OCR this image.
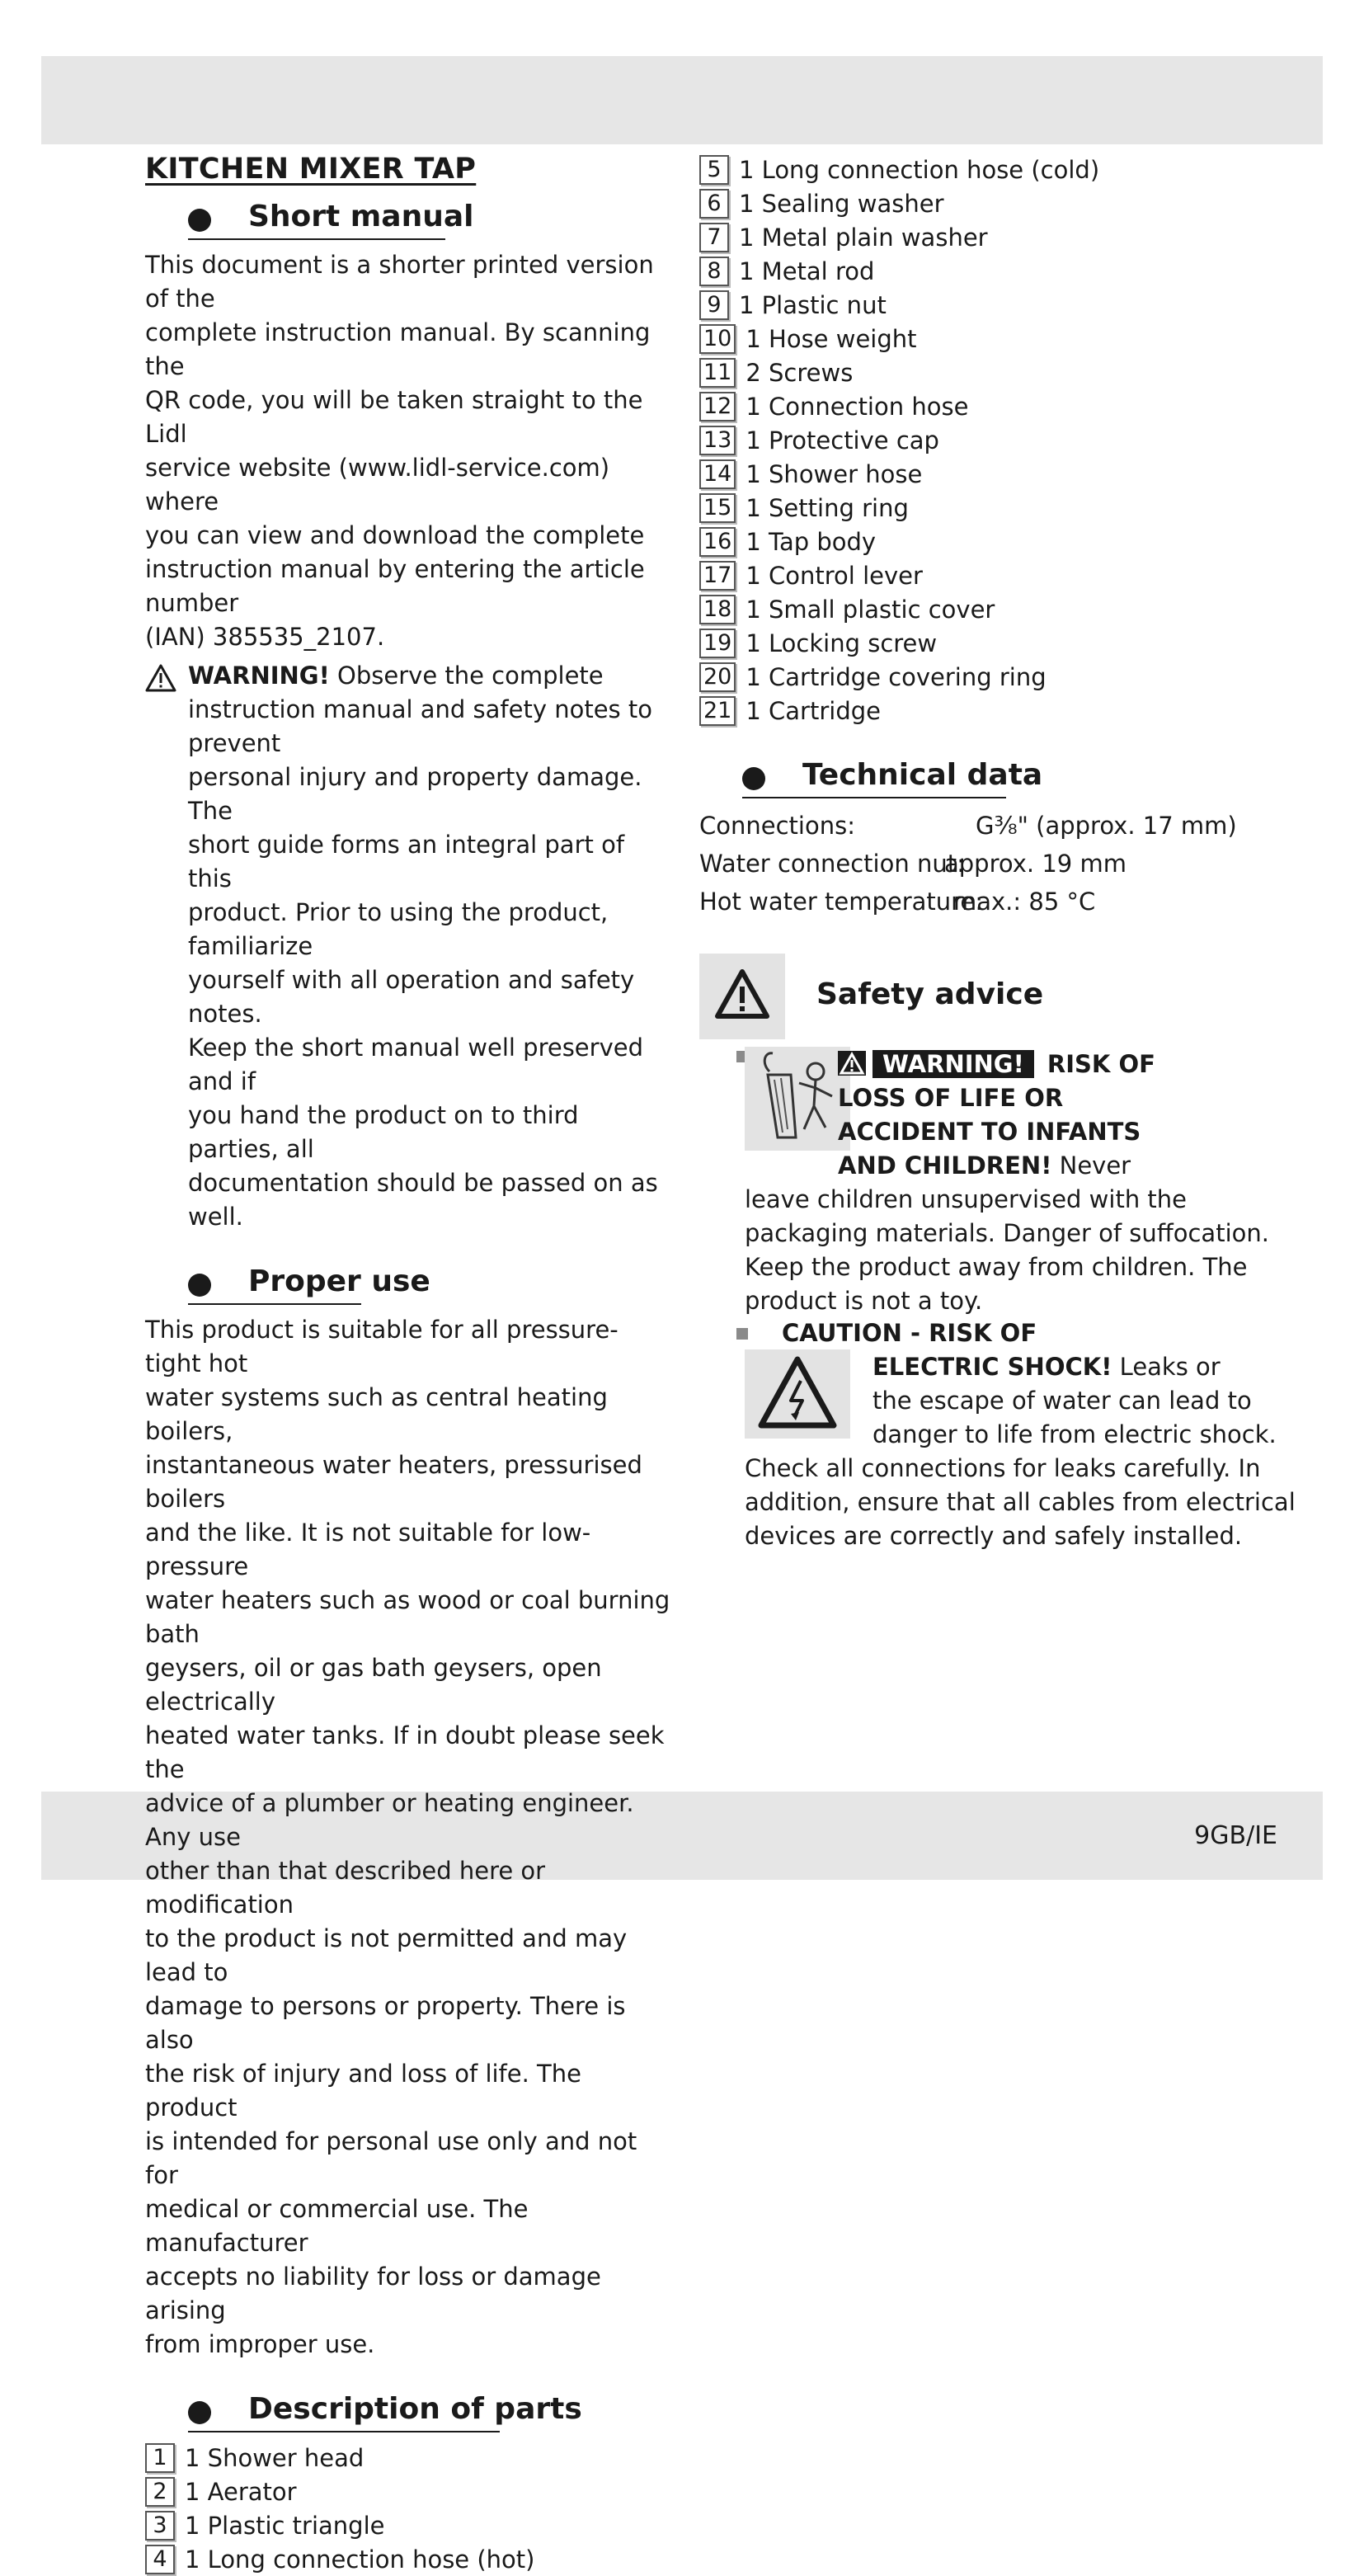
9GB/IE
KITCHEN MIXER TAP
Short manual

This document is a shorter printed version of the
complete instruction manual. By scanning the
QR code, you will be taken straight to the Lidl
service website (www.lidl-service.com) where
you can view and download the complete
instruction manual by entering the article number
(IAN) 385535_2107.

WARNING! Observe the complete
instruction manual and safety notes to prevent
personal injury and property damage. The
short guide forms an integral part of this
product. Prior to using the product, familiarize
yourself with all operation and safety notes.
Keep the short manual well preserved and if
you hand the product on to third parties, all
documentation should be passed on as well.
Proper use

This product is suitable for all pressure-tight hot
water systems such as central heating boilers,
instantaneous water heaters, pressurised boilers
and the like. It is not suitable for low-pressure
water heaters such as wood or coal burning bath
geysers, oil or gas bath geysers, open electrically
heated water tanks. If in doubt please seek the
advice of a plumber or heating engineer. Any use
other than that described here or modification
to the product is not permitted and may lead to
damage to persons or property. There is also
the risk of injury and loss of life. The product
is intended for personal use only and not for
medical or commercial use. The manufacturer
accepts no liability for loss or damage arising
from improper use.

Description of parts
1 1 Shower head
2 1 Aerator
3 1 Plastic triangle
4 1 Long connection hose (hot)
5 1 Long connection hose (cold)
6 1 Sealing washer
7 1 Metal plain washer
8 1 Metal rod
9 1 Plastic nut
10 1 Hose weight
11 2 Screws
12 1 Connection hose
13 1 Protective cap
14 1 Shower hose
15 1 Setting ring
16 1 Tap body
17 1 Control lever
18 1 Small plastic cover
19 1 Locking screw
20 1 Cartridge covering ring
21 1 Cartridge
Technical data
Connections:	G⅜" (approx. 17 mm)
Water connection nut:
approx. 19 mm
Hot water temperature:
max.: 85 °C
Safety advice
WARNING! RISK OF
LOSS OF LIFE OR
ACCIDENT TO INFANTS
AND CHILDREN! Never
leave children unsupervised with the
packaging materials. Danger of suffocation.
Keep the product away from children. The
product is not a toy.
CAUTION - RISK OF
ELECTRIC SHOCK! Leaks or
the escape of water can lead to
danger to life from electric shock.
Check all connections for leaks carefully. In
addition, ensure that all cables from electrical
devices are correctly and safely installed.
